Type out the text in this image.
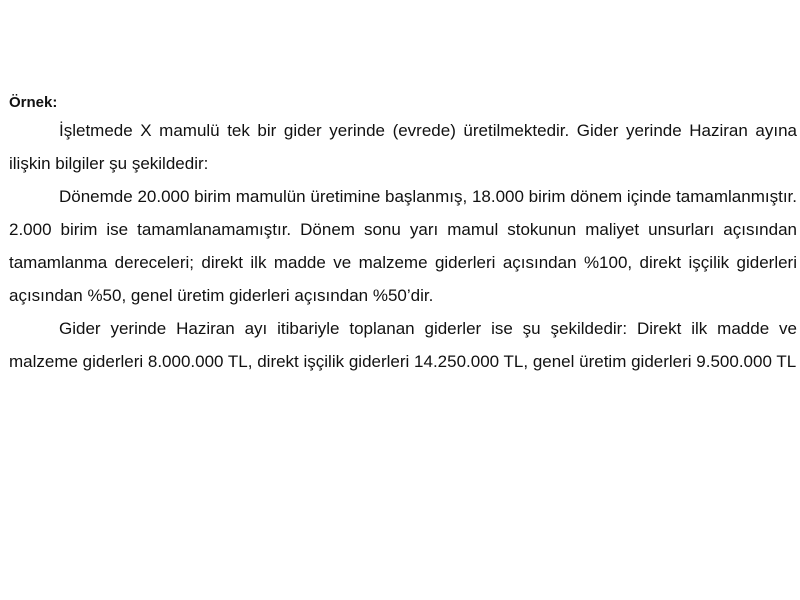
Örnek:

İşletmede X mamulü tek bir gider yerinde (evrede) üretilmektedir. Gider yerinde Haziran ayına ilişkin bilgiler şu şekildedir:

Dönemde 20.000 birim mamulün üretimine başlanmış, 18.000 birim dönem içinde tamamlanmıştır. 2.000 birim ise tamamlanamamıştır. Dönem sonu yarı mamul stokunun maliyet unsurları açısından tamamlanma dereceleri; direkt ilk madde ve malzeme giderleri açısından %100, direkt işçilik giderleri açısından %50, genel üretim giderleri açısından %50’dir.

Gider yerinde Haziran ayı itibariyle toplanan giderler ise şu şekildedir: Direkt ilk madde ve malzeme giderleri 8.000.000 TL, direkt işçilik giderleri 14.250.000 TL, genel üretim giderleri 9.500.000 TL
